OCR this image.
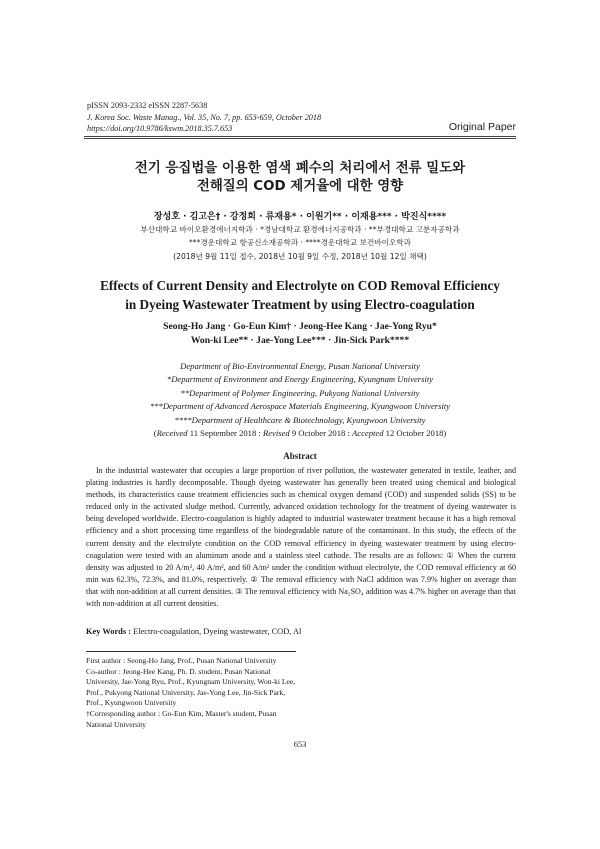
pISSN 2093-2332 eISSN 2287-5638
J. Korea Soc. Waste Manag., Vol. 35, No. 7, pp. 653-659, October 2018
https://doi.org/10.9786/kswm.2018.35.7.653	Original Paper
전기 응집법을 이용한 염색 폐수의 처리에서 전류 밀도와
전해질의 COD 제거율에 대한 영향
장성호 · 김고은† · 강정희 · 류재용* · 이원기** · 이재용*** · 박진식****
부산대학교 바이오환경에너지학과 · *경남대학교 환경에너지공학과 · **부경대학교 고분자공학과
***경운대학교 항공신소재공학과 · ****경운대학교 보건바이오학과
(2018년 9월 11일 접수, 2018년 10월 9일 수정, 2018년 10월 12일 채택)
Effects of Current Density and Electrolyte on COD Removal Efficiency
in Dyeing Wastewater Treatment by using Electro-coagulation
Seong-Ho Jang · Go-Eun Kim† · Jeong-Hee Kang · Jae-Yong Ryu*
Won-ki Lee** · Jae-Yong Lee*** · Jin-Sick Park****
Department of Bio-Environmental Energy, Pusan National University
*Department of Environment and Energy Engineering, Kyungnam University
**Department of Polymer Engineering, Pukyong National University
***Department of Advanced Aerospace Materials Engineering, Kyungwoon University
****Department of Healthcare & Biotechnology, Kyungwoon University
(Received 11 September 2018 : Revised 9 October 2018 : Accepted 12 October 2018)
Abstract
In the industrial wastewater that occupies a large proportion of river pollution, the wastewater generated in textile, leather, and plating industries is hardly decomposable. Though dyeing wastewater has generally been treated using chemical and biological methods, its characteristics cause treatment efficiencies such as chemical oxygen demand (COD) and suspended solids (SS) to be reduced only in the activated sludge method. Currently, advanced oxidation technology for the treatment of dyeing wastewater is being developed worldwide. Electro-coagulation is highly adapted to industrial wastewater treatment because it has a high removal efficiency and a short processing time regardless of the biodegradable nature of the contaminant. In this study, the effects of the current density and the electrolyte condition on the COD removal efficiency in dyeing wastewater treatment by using electro-coagulation were tested with an aluminum anode and a stainless steel cathode. The results are as follows: ① When the current density was adjusted to 20 A/m², 40 A/m², and 60 A/m² under the condition without electrolyte, the COD removal efficiency at 60 min was 62.3%, 72.3%, and 81.0%, respectively. ② The removal efficiency with NaCl addition was 7.9% higher on average than that with non-addition at all current densities. ③ The removal efficiency with Na₂SO₄ addition was 4.7% higher on average than that with non-addition at all current densities.
Key Words : Electro-coagulation, Dyeing wastewater, COD, Al

First author : Seong-Ho Jang, Prof., Pusan National University

Co-author : Jeong-Hee Kang, Ph. D. student, Pusan National University, Jae-Yong Ryu, Prof., Kyungnam University, Won-ki Lee, Prof., Pukyong National University, Jae-Yong Lee, Jin-Sick Park, Prof., Kyungwoon University

†Corresponding author : Go-Eun Kim, Master's student, Pusan National University

653
